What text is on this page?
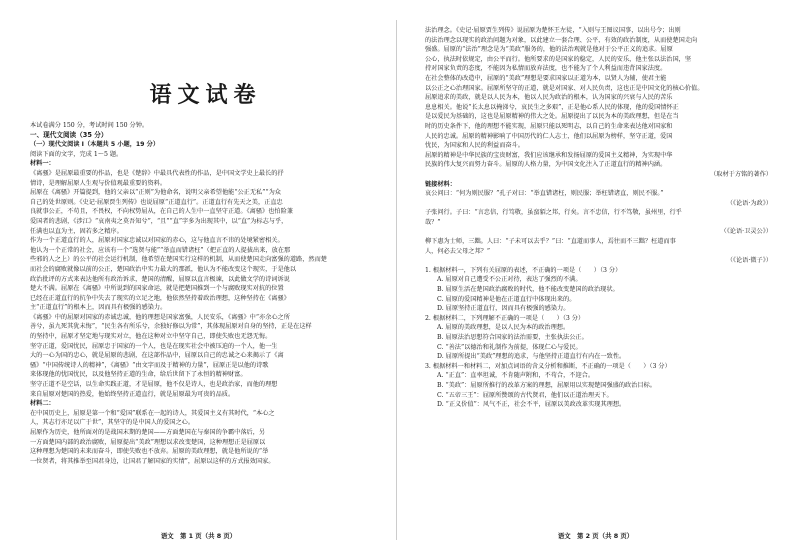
语文试卷
本试卷满分 150 分，考试时间 150 分钟。
一、现代文阅读（35 分）
（一）现代文阅读 I（本题共 5 小题，19 分）
阅读下面的文字，完成 1～5 题。
材料一：
《离骚》是屈原最重要的作品，也是《楚辞》中最具代表性的作品，是中国文学史上最长的抒
情诗，是理解屈原人生观与价值观最重要的资料。
屈原在《离骚》开篇提到，他的父亲以“正则”为他命名，说明父亲希望他能“公正无私”“为众
自己的处世原则。《史记·屈原贾生列传》也说屈原“正道直行”。正道直行有先天之美，正直忠
良就事公正，不苟且，不畏权，不向权势屈从，在自己的人生中一直坚守正道。《离骚》也怕险兼
爱国者的悲剧，《涉江》“哀南夷之莫吾知兮”，“且”“直”字多为出现其中，以“直”为标志与乎，
任满也以直为主，固若多之精序。
作为一个正道直行的人，屈原对国家忠诚以对国家的赤心，这与他直言不讳的处境紧密相关。
他认为一个正常的社会，应该有一个“选贤与能”“举直而错诸枉”（把正直的人提拔出来，放在那
些邪的人之上）的公平的社会运行机制，他希望在楚国实行这样的机制，从而使楚国走向富强的道路，然而楚
而社会的腐败就像以前的公正，楚国政治中实力最大的那派，他认为不能改变这个现实，于是他以
政治批评的方式来表达他所有政治诉求，楚国的清醒，屈原以直言极谏，以此做文学的诗词诉说
楚大不满。屈原在《离骚》中所说到的国家命运，就是把楚国推到一个与腐败现实对抗的位置
已经在正道直行的抗争中失去了现实的立足之地，他依然坚持着政治理想，这种坚持在《离骚》
主“正道直行”的根本上，因而具有极强的感染力。
《离骚》中的屈原对国家的赤诚忠诚，他的理想是国家富强，人民安乐，《离骚》中“亦余心之所
善兮，虽九死其犹未悔”，“民生各有所乐兮，余独好修以为常”，其体现屈原对自身的坚持，正是在这样
的坚持中，屈原才坚定地与现实对立，他在这种对立中坚守自己，即使失败也无怨无悔。
坚守正道，爱国忧民，屈原忠于国家的一个人，也是在现实社会中被压迫的一个人，他一生
大的一心为国的忠心，就是屈原的悲剧，在这部作品中，屈原以自己的忠诚之心来揭示了《离
骚》“中国传统诗人的精神”，《离骚》“由文字而及于精神的力量”，屈原正是以他的诗歌
来体现他的忧国忧民，以及他坚持正道的生命，给后世留下了永恒的精神财富。
坚守正道不是空话，以生命实践正道，才是屈原，他不仅是诗人，也是政治家，而他的理想
来自屈原对楚国的热爱，他始终坚持正道直行，就是屈原最为可贵的品质。
材料二：
在中国历史上，屈原是第一个和“爱国”联系在一起的诗人，其爱国主义有其时代，“本心之
人，其志行亦足以广于世”，其坚守的是中国人的爱国之心。
屈原作为历史，他所面对的是战国末期的楚国——方面楚国在与秦国的争霸中落后，另
一方面楚国内部的政治腐败，屈原提出“美政”理想以求改变楚国，这种理想正是屈原以
这种理想为楚国的未来而奋斗，即使失败也不放弃。屈原的美政理想，就是他所说的“举
一位贤者，将其推举至国君身边，让国君了解国家的实情”，屈原以这样的方式报效国家。
语文　第 1 页（共 8 页）
法治理念。《史记·屈原贾生列传》说屈原为楚怀王左徒，“入则与王图议国事，以出号令；出则
的法治理念以现实的政治问题为对象，以此建立一套合理、公平、有效的政治制度，从而使楚国走向
强盛。屈原的“法治”理念是为“美政”服务的，他的法治观就是他对于公平正义的追求。屈原
公心，执法时依规定，由公平而行。他所要求的是国家的稳定，人民的安乐，他主张以法治国，坚
持对国家负责的态度，不能因为私情而放弃法度，也不能为了个人利益而违背国家法度。
在社会整体的改造中，屈原的“美政”理想是要求国家以正道为本，以贤人为辅，使君主能
以公正之心治理国家。屈原所坚守的正道，就是对国家、对人民负责，这也正是中国文化的核心价值。
屈原追求的美政，就是以人民为本，他以人民为政治的根本，认为国家的兴衰与人民的苦乐
息息相关。他说“长太息以掩涕兮，哀民生之多艰”，正是他心系人民的体现，他的爱国情怀正
是以爱民为基础的，这也是屈原精神的伟大之处。屈原提出了以民为本的美政理想，但是在当
时的历史条件下，他的理想不能实现，屈原只能以死明志，以自己的生命来表达他对国家和
人民的忠诚。屈原的精神影响了中国历代的仁人志士，他们以屈原为榜样，坚守正道，爱国
忧民，为国家和人民的利益而奋斗。
屈原的精神是中华民族的宝贵财富，我们应该继承和发扬屈原的爱国主义精神，为实现中华
民族的伟大复兴而努力奋斗。屈原的人格力量，为中国文化注入了正道直行的精神内涵。
（取材于方铭的著作）
链接材料：
哀公问曰：“何为则民服？”孔子对曰：“举直错诸枉，则民服；举枉错诸直，则民不服。”
（《论语·为政》）
子张问行。子曰：“言忠信，行笃敬，虽蛮貊之邦，行矣。言不忠信，行不笃敬，虽州里，行乎
哉？”
（《论语·卫灵公》）
柳下惠为士师，三黜。人曰：“子未可以去乎？”曰：“直道而事人，焉往而不三黜？枉道而事
人，何必去父母之邦？”
（《论语·微子》）
1. 根据材料一，下列有关屈原的表述，不正确的一项是（　　）（3 分）
A. 屈原对自己遭受不公正对待，表达了强烈的不满。
B. 屈原生活在楚国政治腐败的时代，他不能改变楚国的政治现状。
C. 屈原的爱国精神是他在正道直行中体现出来的。
D. 屈原坚持正道直行，因而具有极强的感染力。
2. 根据材料二，下列理解不正确的一项是（　　）（3 分）
A. 屈原的美政理想，是以人民为本的政治理想。
B. 屈原法治思想符合国家的法治需要，主张执法公正。
C. “善法”以德治和礼制作为前提，体现仁心与爱民。
D. 屈原所提出“美政”理想的追求，与他坚持正道直行有内在一致性。
3. 根据材料一和材料二，对加点词语的含义分析和推断，不正确的一项是（　　）（3 分）
A. “正直”：直率坦诚，不肯随声附和，不苟合，不迎合。
B. “美政”：屈原所推行的改革方案的理想，屈原用以实现楚国强盛的政治目标。
C. “五帝三王”：屈原所赞颂的古代贤君，他们以正道治理天下。
D. “正义价值”：风气不正，社会不平，屈原以美政改革实现其理想。
语文　第 2 页（共 8 页）
